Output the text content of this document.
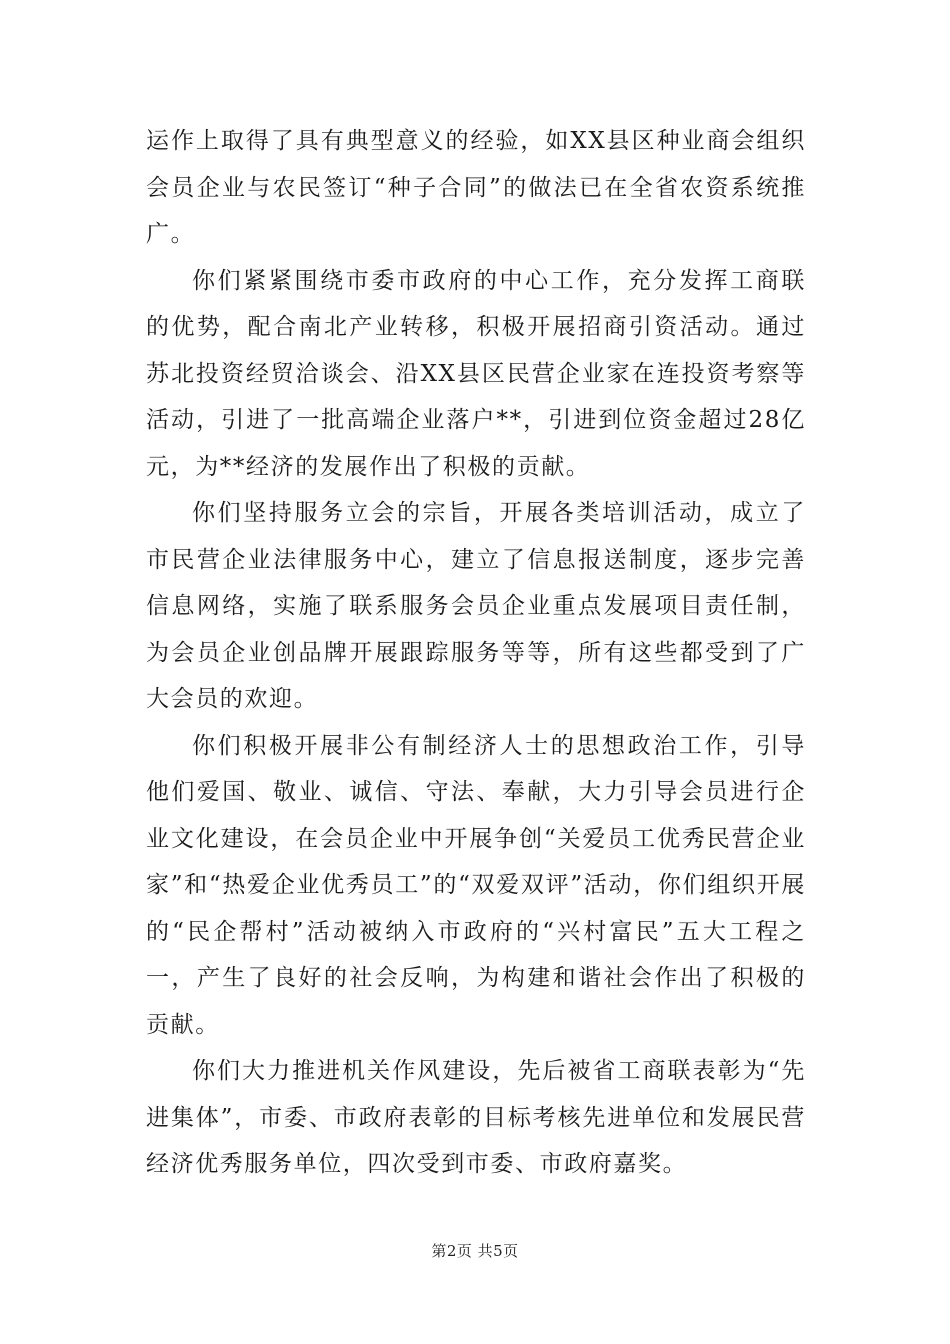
运作上取得了具有典型意义的经验，如XX县区种业商会组织会员企业与农民签订“种子合同”的做法已在全省农资系统推广。

你们紧紧围绕市委市政府的中心工作，充分发挥工商联的优势，配合南北产业转移，积极开展招商引资活动。通过苏北投资经贸洽谈会、沿XX县区民营企业家在连投资考察等活动，引进了一批高端企业落户**，引进到位资金超过28亿元，为**经济的发展作出了积极的贡献。

你们坚持服务立会的宗旨，开展各类培训活动，成立了市民营企业法律服务中心，建立了信息报送制度，逐步完善信息网络，实施了联系服务会员企业重点发展项目责任制，为会员企业创品牌开展跟踪服务等等，所有这些都受到了广大会员的欢迎。

你们积极开展非公有制经济人士的思想政治工作，引导他们爱国、敬业、诚信、守法、奉献，大力引导会员进行企业文化建设，在会员企业中开展争创“关爱员工优秀民营企业家”和“热爱企业优秀员工”的“双爱双评”活动，你们组织开展的“民企帮村”活动被纳入市政府的“兴村富民”五大工程之一，产生了良好的社会反响，为构建和谐社会作出了积极的贡献。

你们大力推进机关作风建设，先后被省工商联表彰为“先进集体”，市委、市政府表彰的目标考核先进单位和发展民营经济优秀服务单位，四次受到市委、市政府嘉奖。

第2页 共5页
